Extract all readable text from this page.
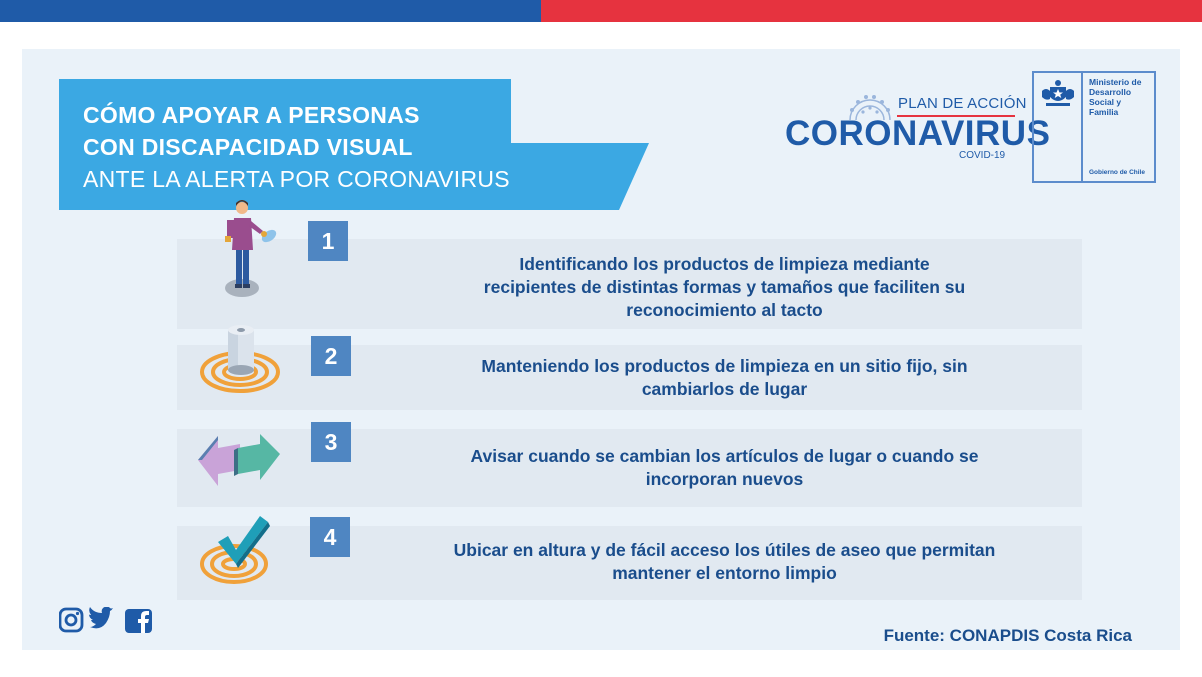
CÓMO APOYAR A PERSONAS
CON DISCAPACIDAD VISUAL
ANTE LA ALERTA POR CORONAVIRUS
PLAN DE ACCIÓN
CORONAVIRUS
COVID-19
Ministerio de
Desarrollo
Social y
Familia
Gobierno de Chile
Identificando los productos de limpieza mediante
recipientes de distintas formas y tamaños que faciliten su
reconocimiento al tacto
1
Manteniendo los productos de limpieza en un sitio fijo, sin
cambiarlos de lugar
2
Avisar cuando se cambian los artículos de lugar o cuando se
incorporan nuevos
3
Ubicar en altura y de fácil acceso los útiles de aseo que permitan
mantener el entorno limpio
4
Fuente: CONAPDIS Costa Rica
